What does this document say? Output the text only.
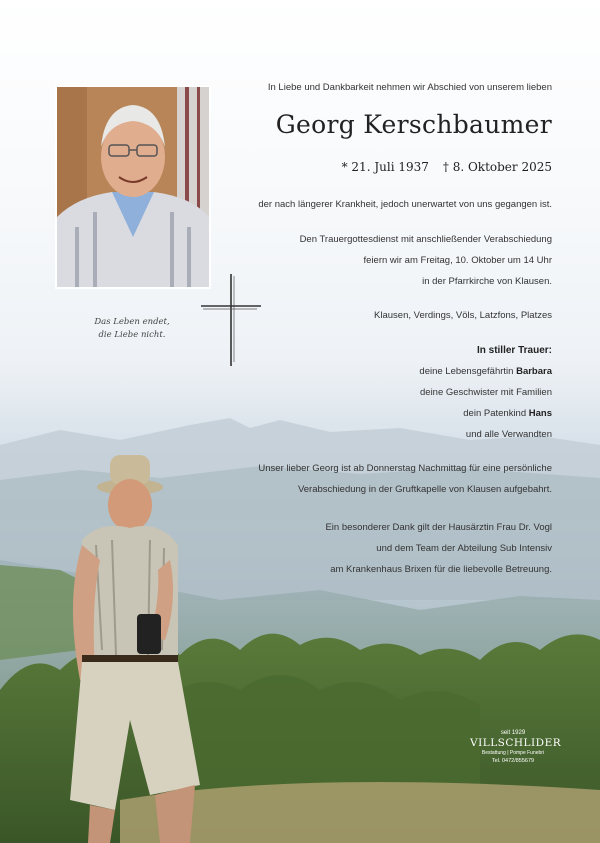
Das Leben endet,
die Liebe nicht.
In Liebe und Dankbarkeit nehmen wir Abschied von unserem lieben
Georg Kerschbaumer
* 21. Juli 1937 † 8. Oktober 2025
der nach längerer Krankheit, jedoch unerwartet von uns gegangen ist.
Den Trauergottesdienst mit anschließender Verabschiedung
feiern wir am Freitag, 10. Oktober um 14 Uhr
in der Pfarrkirche von Klausen.
Klausen, Verdings, Völs, Latzfons, Platzes
In stiller Trauer:
deine Lebensgefährtin Barbara
deine Geschwister mit Familien
dein Patenkind Hans
und alle Verwandten
Unser lieber Georg ist ab Donnerstag Nachmittag für eine persönliche
Verabschiedung in der Gruftkapelle von Klausen aufgebahrt.
Ein besonderer Dank gilt der Hausärztin Frau Dr. Vogl
und dem Team der Abteilung Sub Intensiv
am Krankenhaus Brixen für die liebevolle Betreuung.
seit 1929
VILLSCHLIDER
Bestattung | Pompe Funebri
Tel. 0472/855679
